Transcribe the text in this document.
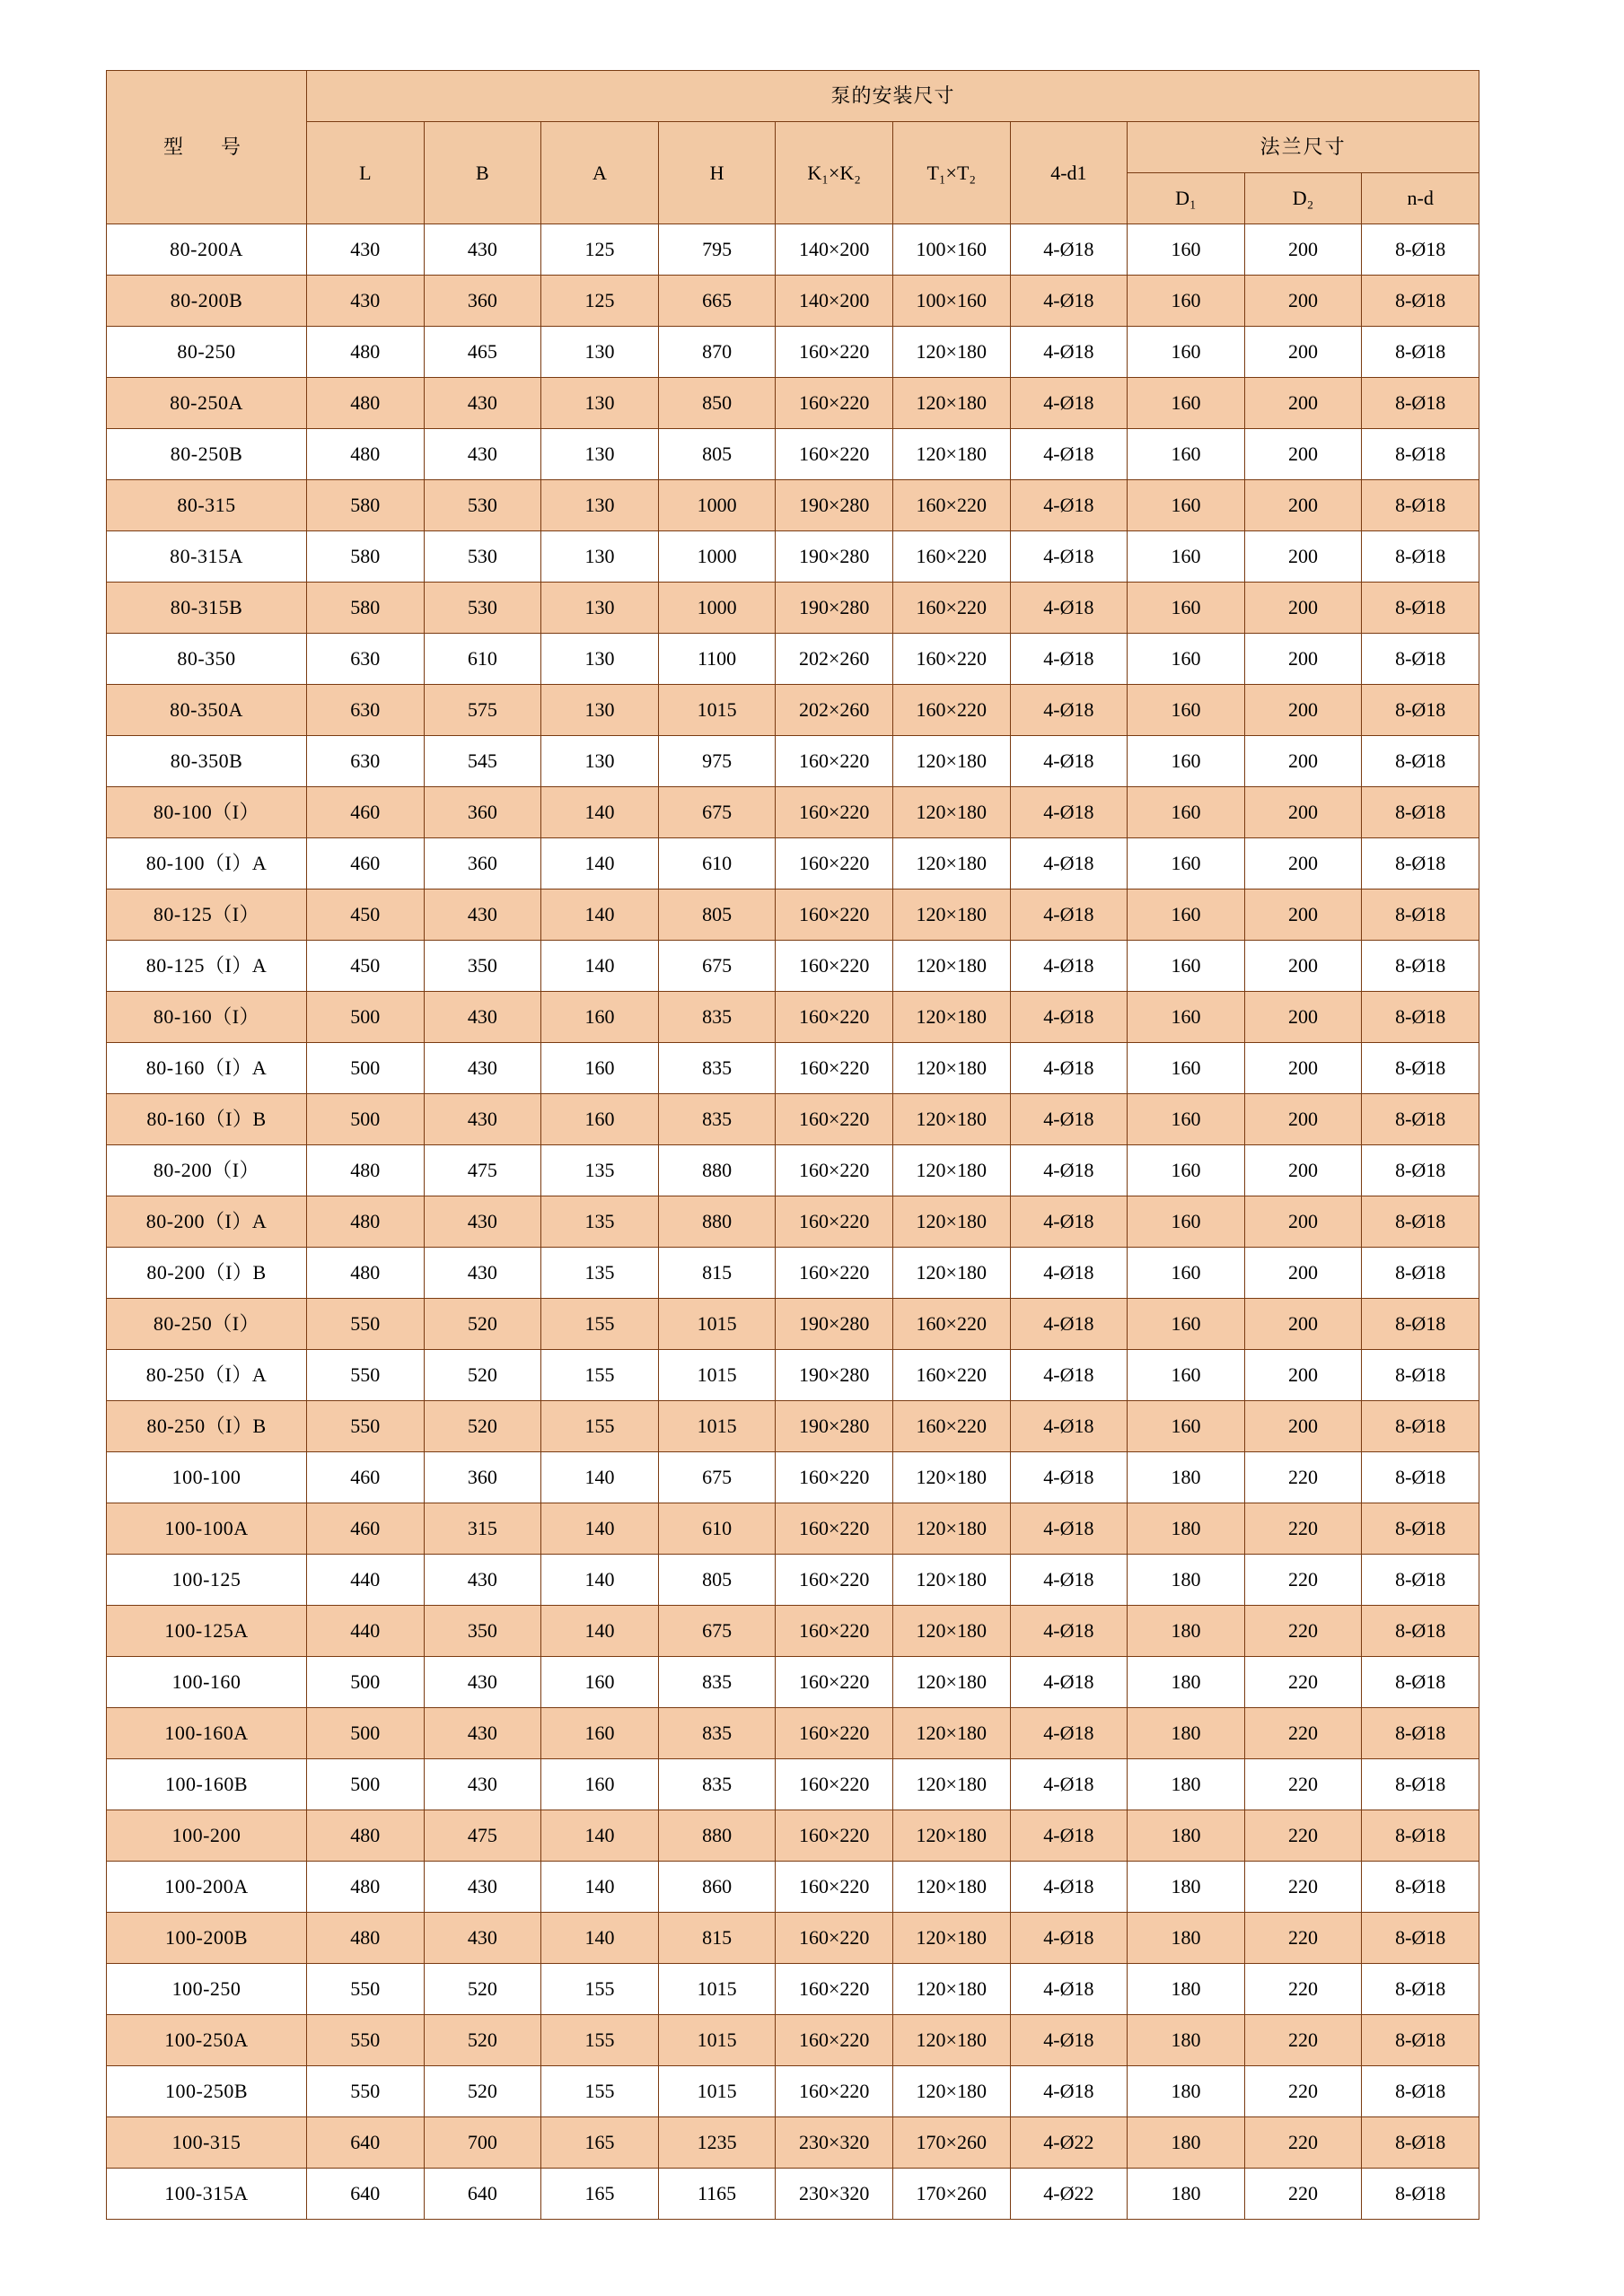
型　号	泵的安装尺寸									
	L	B	A	H	K₁×K₂	T₁×T₂	4-d1	法兰尺寸		
								D₁	D₂	n-d
80-200A	430	430	125	795	140×200	100×160	4-Ø18	160	200	8-Ø18
80-200B	430	360	125	665	140×200	100×160	4-Ø18	160	200	8-Ø18
80-250	480	465	130	870	160×220	120×180	4-Ø18	160	200	8-Ø18
80-250A	480	430	130	850	160×220	120×180	4-Ø18	160	200	8-Ø18
80-250B	480	430	130	805	160×220	120×180	4-Ø18	160	200	8-Ø18
80-315	580	530	130	1000	190×280	160×220	4-Ø18	160	200	8-Ø18
80-315A	580	530	130	1000	190×280	160×220	4-Ø18	160	200	8-Ø18
80-315B	580	530	130	1000	190×280	160×220	4-Ø18	160	200	8-Ø18
80-350	630	610	130	1100	202×260	160×220	4-Ø18	160	200	8-Ø18
80-350A	630	575	130	1015	202×260	160×220	4-Ø18	160	200	8-Ø18
80-350B	630	545	130	975	160×220	120×180	4-Ø18	160	200	8-Ø18
80-100（I）	460	360	140	675	160×220	120×180	4-Ø18	160	200	8-Ø18
80-100（I）A	460	360	140	610	160×220	120×180	4-Ø18	160	200	8-Ø18
80-125（I）	450	430	140	805	160×220	120×180	4-Ø18	160	200	8-Ø18
80-125（I）A	450	350	140	675	160×220	120×180	4-Ø18	160	200	8-Ø18
80-160（I）	500	430	160	835	160×220	120×180	4-Ø18	160	200	8-Ø18
80-160（I）A	500	430	160	835	160×220	120×180	4-Ø18	160	200	8-Ø18
80-160（I）B	500	430	160	835	160×220	120×180	4-Ø18	160	200	8-Ø18
80-200（I）	480	475	135	880	160×220	120×180	4-Ø18	160	200	8-Ø18
80-200（I）A	480	430	135	880	160×220	120×180	4-Ø18	160	200	8-Ø18
80-200（I）B	480	430	135	815	160×220	120×180	4-Ø18	160	200	8-Ø18
80-250（I）	550	520	155	1015	190×280	160×220	4-Ø18	160	200	8-Ø18
80-250（I）A	550	520	155	1015	190×280	160×220	4-Ø18	160	200	8-Ø18
80-250（I）B	550	520	155	1015	190×280	160×220	4-Ø18	160	200	8-Ø18
100-100	460	360	140	675	160×220	120×180	4-Ø18	180	220	8-Ø18
100-100A	460	315	140	610	160×220	120×180	4-Ø18	180	220	8-Ø18
100-125	440	430	140	805	160×220	120×180	4-Ø18	180	220	8-Ø18
100-125A	440	350	140	675	160×220	120×180	4-Ø18	180	220	8-Ø18
100-160	500	430	160	835	160×220	120×180	4-Ø18	180	220	8-Ø18
100-160A	500	430	160	835	160×220	120×180	4-Ø18	180	220	8-Ø18
100-160B	500	430	160	835	160×220	120×180	4-Ø18	180	220	8-Ø18
100-200	480	475	140	880	160×220	120×180	4-Ø18	180	220	8-Ø18
100-200A	480	430	140	860	160×220	120×180	4-Ø18	180	220	8-Ø18
100-200B	480	430	140	815	160×220	120×180	4-Ø18	180	220	8-Ø18
100-250	550	520	155	1015	160×220	120×180	4-Ø18	180	220	8-Ø18
100-250A	550	520	155	1015	160×220	120×180	4-Ø18	180	220	8-Ø18
100-250B	550	520	155	1015	160×220	120×180	4-Ø18	180	220	8-Ø18
100-315	640	700	165	1235	230×320	170×260	4-Ø22	180	220	8-Ø18
100-315A	640	640	165	1165	230×320	170×260	4-Ø22	180	220	8-Ø18
